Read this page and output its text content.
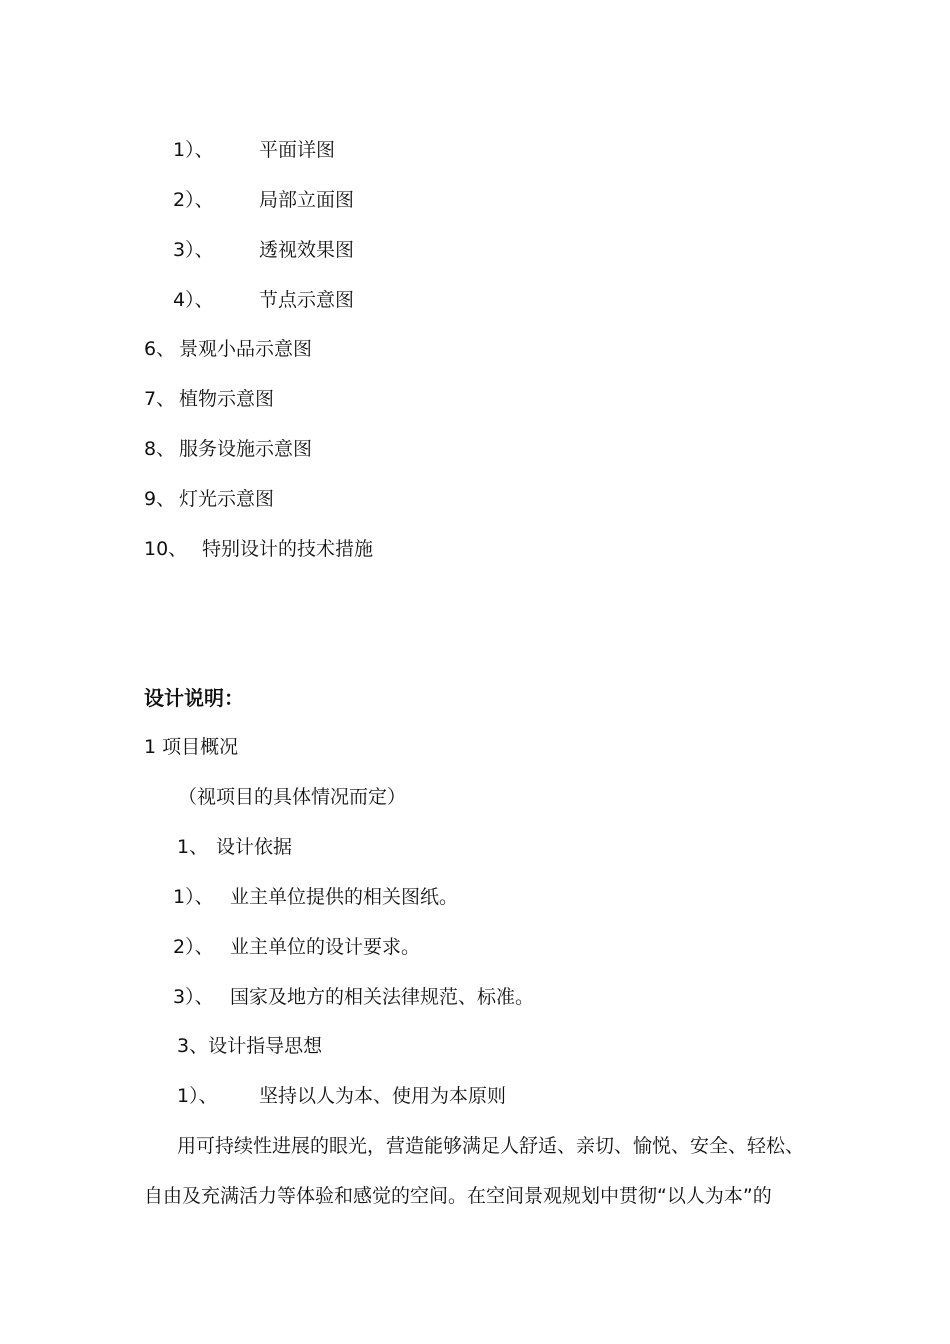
1）、 平面详图
2）、 局部立面图
3）、 透视效果图
4）、 节点示意图
6、 景观小品示意图
7、 植物示意图
8、 服务设施示意图
9、 灯光示意图
10、 特别设计的技术措施
设计说明：
1 项目概况
（视项目的具体情况而定）
1、 设计依据
1）、 业主单位提供的相关图纸。
2）、 业主单位的设计要求。
3）、 国家及地方的相关法律规范、标准。
3、设计指导思想
1）、 坚持以人为本、使用为本原则
用可持续性进展的眼光，营造能够满足人舒适、亲切、愉悦、安全、轻松、
自由及充满活力等体验和感觉的空间。在空间景观规划中贯彻“以人为本”的
